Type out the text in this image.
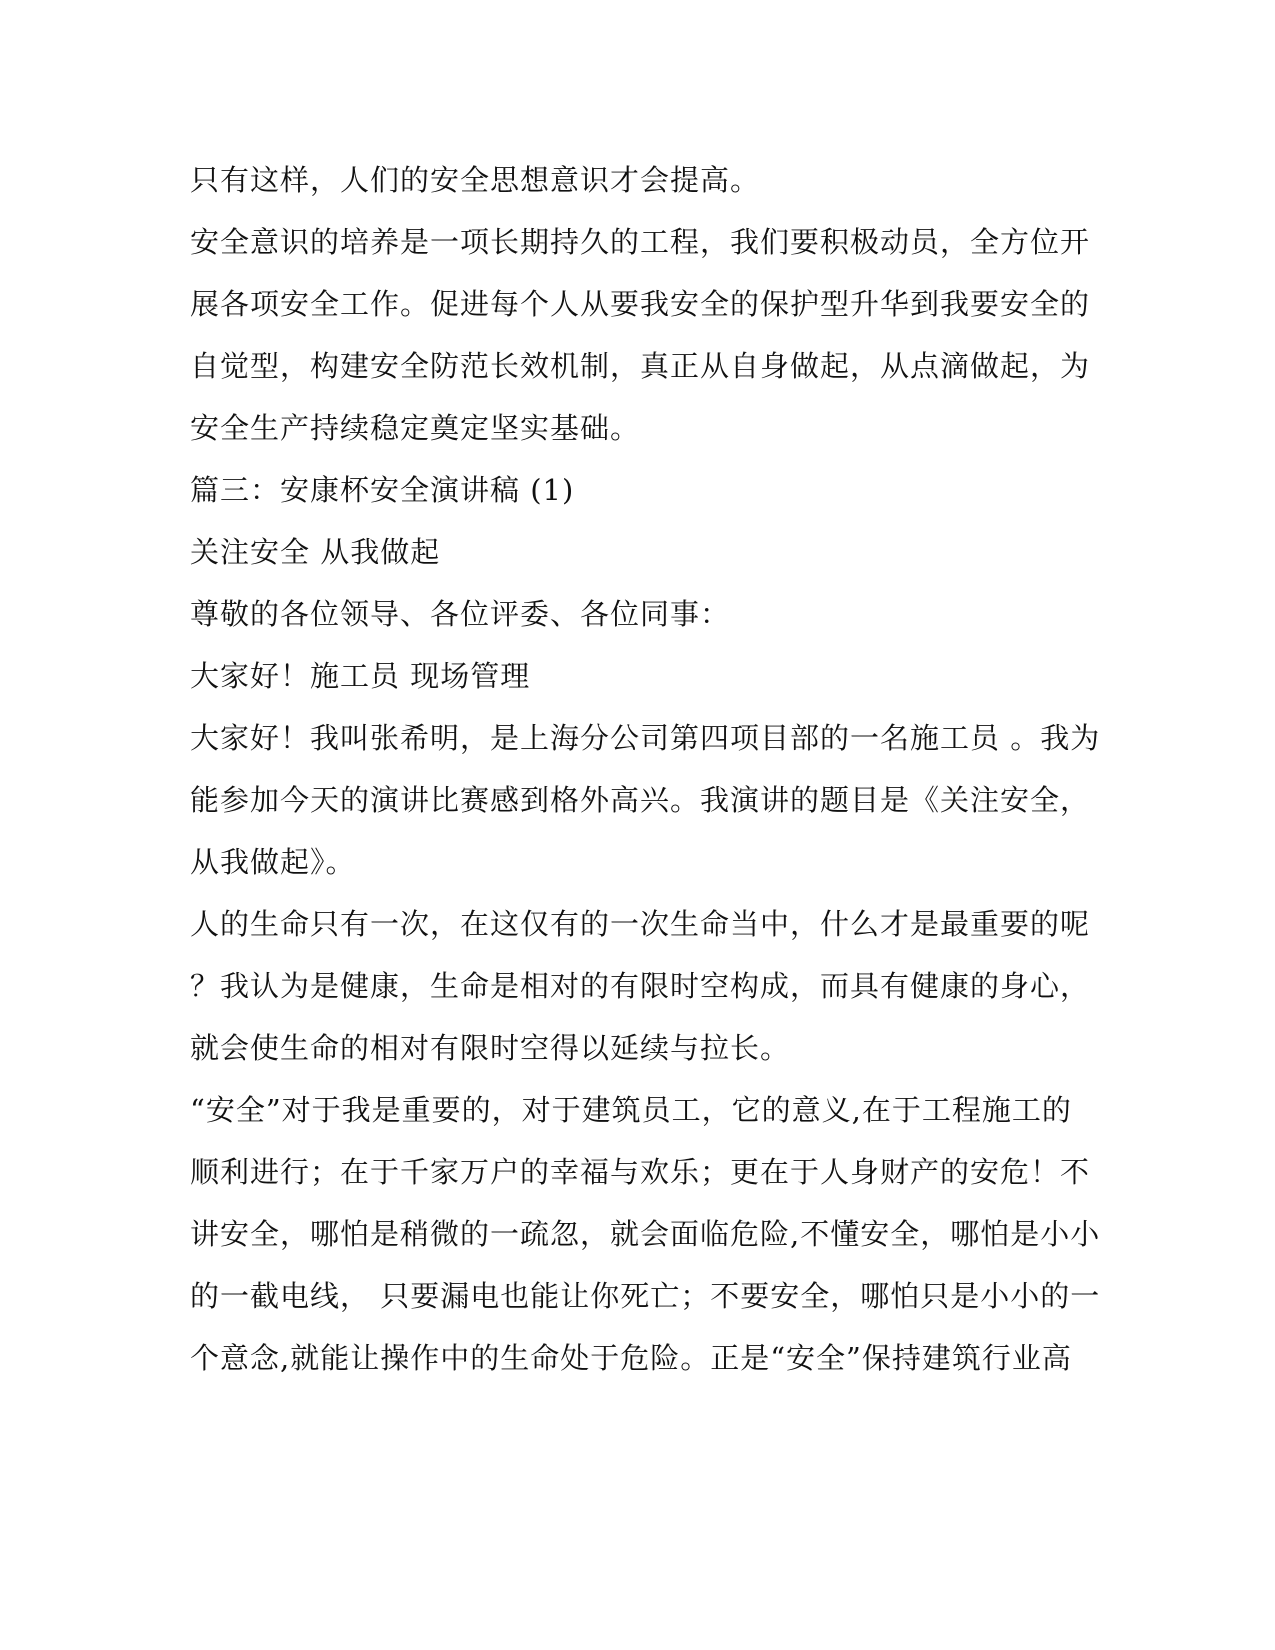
只有这样，人们的安全思想意识才会提高。
安全意识的培养是一项长期持久的工程，我们要积极动员，全方位开
展各项安全工作。促进每个人从要我安全的保护型升华到我要安全的
自觉型，构建安全防范长效机制，真正从自身做起，从点滴做起，为
安全生产持续稳定奠定坚实基础。
篇三：安康杯安全演讲稿 (1)
关注安全 从我做起
尊敬的各位领导、各位评委、各位同事：
大家好！施工员 现场管理
大家好！我叫张希明，是上海分公司第四项目部的一名施工员 。我为
能参加今天的演讲比赛感到格外高兴。我演讲的题目是《关注安全，
从我做起》。
人的生命只有一次，在这仅有的一次生命当中，什么才是最重要的呢
？我认为是健康，生命是相对的有限时空构成，而具有健康的身心，
就会使生命的相对有限时空得以延续与拉长。
“安全”对于我是重要的，对于建筑员工，它的意义,在于工程施工的
顺利进行；在于千家万户的幸福与欢乐；更在于人身财产的安危！不
讲安全，哪怕是稍微的一疏忽，就会面临危险,不懂安全，哪怕是小小
的一截电线， 只要漏电也能让你死亡；不要安全，哪怕只是小小的一
个意念,就能让操作中的生命处于危险。正是“安全”保持建筑行业高
